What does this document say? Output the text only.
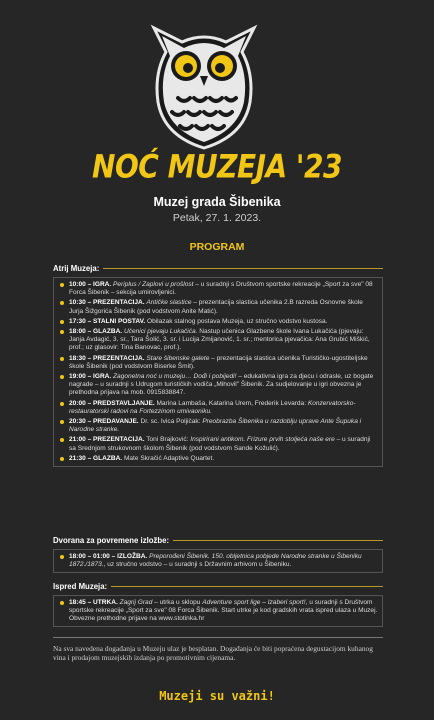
NOĆ MUZEJA '23
Muzej grada Šibenika
Petak, 27. 1. 2023.
PROGRAM
Atrij Muzeja:
10:00 – IGRA. Periplus / Zaplovi u prošlost – u suradnji s Društvom sportske rekreacije „Sport za sve" 08 Forca Šibenik – sekcija umirovljenici.
10:30 – PREZENTACIJA. Antičke slastice – prezentacija slastica učenika 2.B razreda Osnovne škole Jurja Šižgorića Šibenik (pod vodstvom Anite Matić).
17:30 – STALNI POSTAV. Obilazak stalnog postava Muzeja, uz stručno vodstvo kustosa.
18:00 – GLAZBA. Učenici pjevaju Lukačića. Nastup učenica Glazbene škole Ivana Lukačića (pjevaju: Janja Avdagić, 3. sr., Tara Šolić, 3. sr. i Lucija Zmijanović, 1. sr.; mentorica pjevačica: Ana Grubić Miškić, prof.; uz glasovir: Tina Banovac, prof.).
18:30 – PREZENTACIJA. Stare šibenske galete – prezentacija slastica učenika Turističko-ugostiteljske škole Šibenik (pod vodstvom Biserke Šmit).
19:00 – IGRA. Zagonetna noć u muzeju… Dođi i pobijedi! – edukativna igra za djecu i odrasle, uz bogate nagrade – u suradnji s Udrugom turističkih vodiča „Mihovil" Šibenik. Za sudjelovanje u igri obvezna je prethodna prijava na mob. 0915838847.
20:00 – PREDSTAVLJANJE. Marina Lambaša, Katarina Urem, Frederik Levarda: Konzervatorsko-restauratorski radovi na Fortezzinom umivaoniku.
20:30 – PREDAVANJE. Dr. sc. Ivica Poljičak: Preobrazba Šibenika u razdoblju uprave Ante Šupuka i Narodne stranke.
21:00 – PREZENTACIJA. Toni Brajković: Inspirirani antikom. Frizure prvih stoljeća naše ere – u suradnji sa Srednjom strukovnom školom Šibenik (pod vodstvom Sande Kožulić).
21:30 – GLAZBA. Mate Skračić Adaptive Quartet.
Dvorana za povremene izložbe:
18:00 – 01:00 – IZLOŽBA. Preporođeni Šibenik. 150. obljetnica pobjede Narodne stranke u Šibeniku 1872./1873., uz stručno vodstvo – u suradnji s Državnim arhivom u Šibeniku.
Ispred Muzeja:
18:45 – UTRKA. Zagrij Grad – utrka u sklopu Adventure sport lige – Izaberi sport!, u suradnji s Društvom sportske rekreacije „Sport za sve" 08 Forca Šibenik. Start utrke je kod gradskih vrata ispred ulaza u Muzej. Obvezne prethodne prijave na www.stotinka.hr
Na sva navedena događanja u Muzeju ulaz je besplatan. Događanja će biti popraćena degustacijom kuhanog vina i prodajom muzejskih izdanja po promotivnim cijenama.
Muzeji su važni!
